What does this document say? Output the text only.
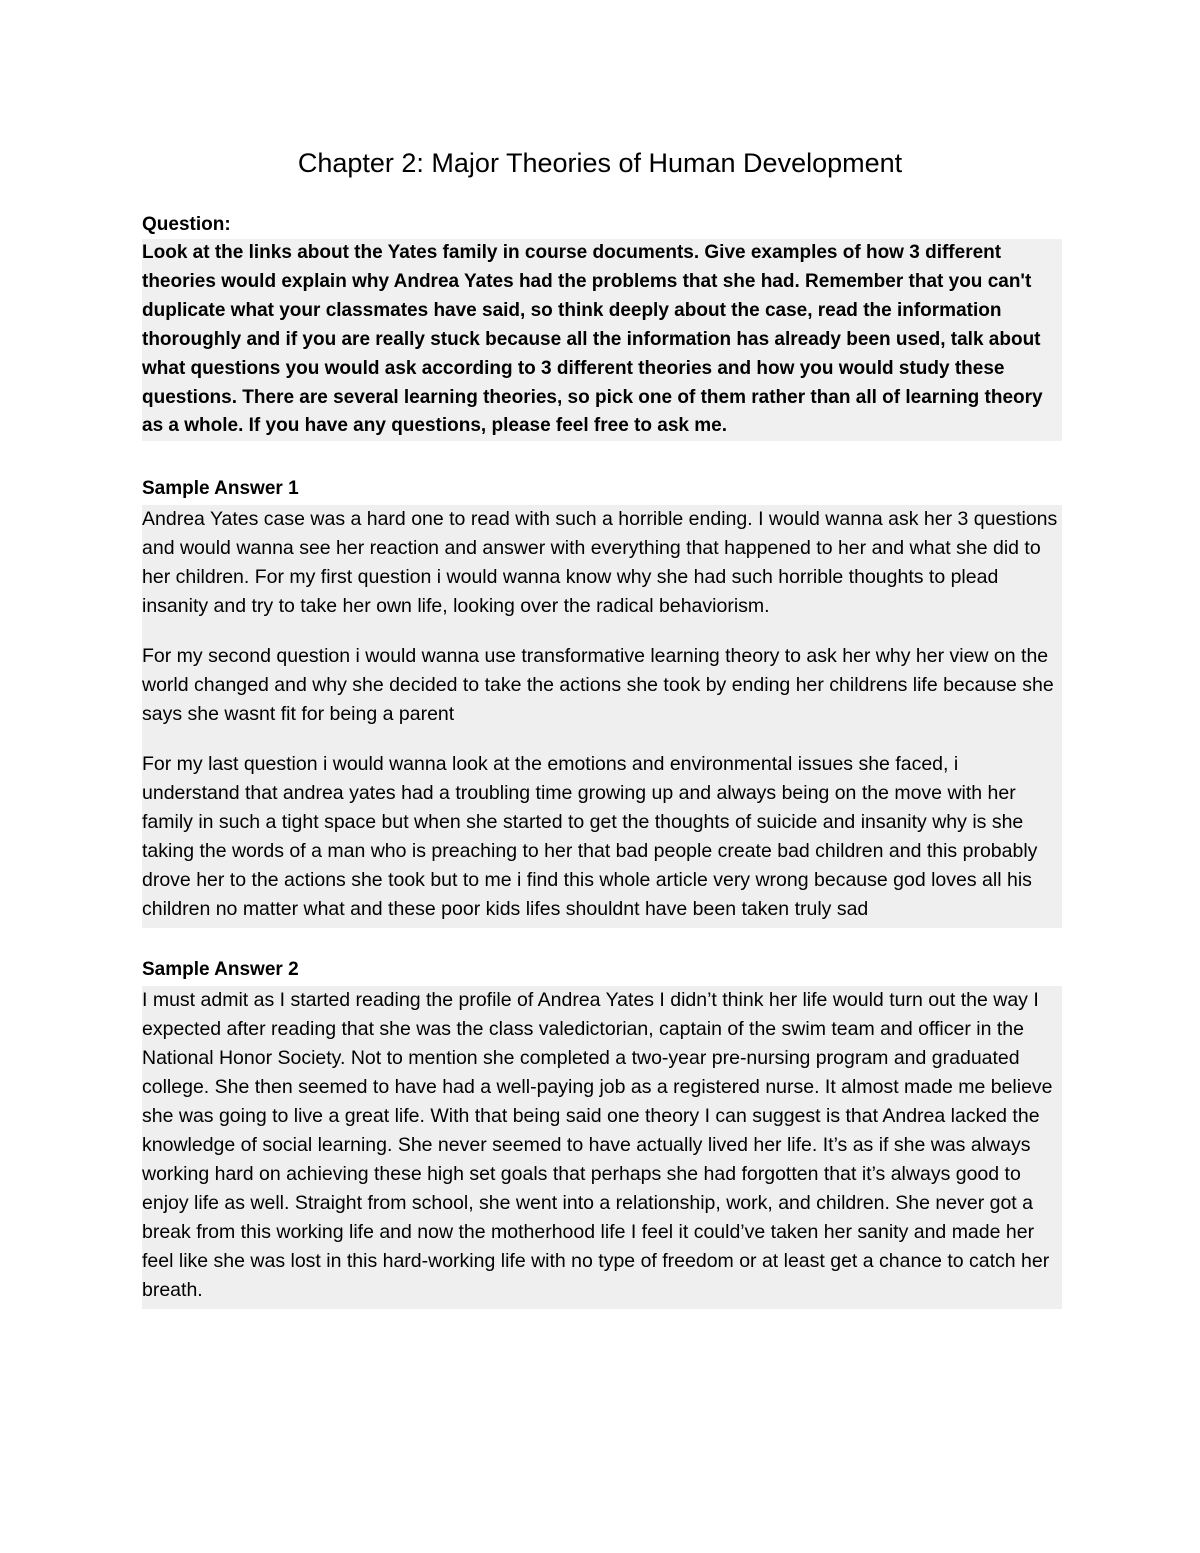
Chapter 2: Major Theories of Human Development

Question:

Look at the links about the Yates family in course documents. Give examples of how 3 different theories would explain why Andrea Yates had the problems that she had. Remember that you can't duplicate what your classmates have said, so think deeply about the case, read the information thoroughly and if you are really stuck because all the information has already been used, talk about what questions you would ask according to 3 different theories and how you would study these questions. There are several learning theories, so pick one of them rather than all of learning theory as a whole. If you have any questions, please feel free to ask me.

Sample Answer 1

Andrea Yates case was a hard one to read with such a horrible ending. I would wanna ask her 3 questions and would wanna see her reaction and answer with everything that happened to her and what she did to her children. For my first question i would wanna know why she had such horrible thoughts to plead insanity and try to take her own life, looking over the radical behaviorism.

For my second question i would wanna use transformative learning theory to ask her why her view on the world changed and why she decided to take the actions she took by ending her childrens life because she says she wasnt fit for being a parent

For my last question i would wanna look at the emotions and environmental issues she faced, i understand that andrea yates had a troubling time growing up and always being on the move with her family in such a tight space but when she started to get the thoughts of suicide and insanity why is she taking the words of a man who is preaching to her that bad people create bad children and this probably drove her to the actions she took but to me i find this whole article very wrong because god loves all his children no matter what and these poor kids lifes shouldnt have been taken truly sad

Sample Answer 2

I must admit as I started reading the profile of Andrea Yates I didn’t think her life would turn out the way I expected after reading that she was the class valedictorian, captain of the swim team and officer in the National Honor Society. Not to mention she completed a two-year pre-nursing program and graduated college. She then seemed to have had a well-paying job as a registered nurse. It almost made me believe she was going to live a great life. With that being said one theory I can suggest is that Andrea lacked the knowledge of social learning. She never seemed to have actually lived her life. It’s as if she was always working hard on achieving these high set goals that perhaps she had forgotten that it’s always good to enjoy life as well. Straight from school, she went into a relationship, work, and children. She never got a break from this working life and now the motherhood life I feel it could’ve taken her sanity and made her feel like she was lost in this hard-working life with no type of freedom or at least get a chance to catch her breath.
